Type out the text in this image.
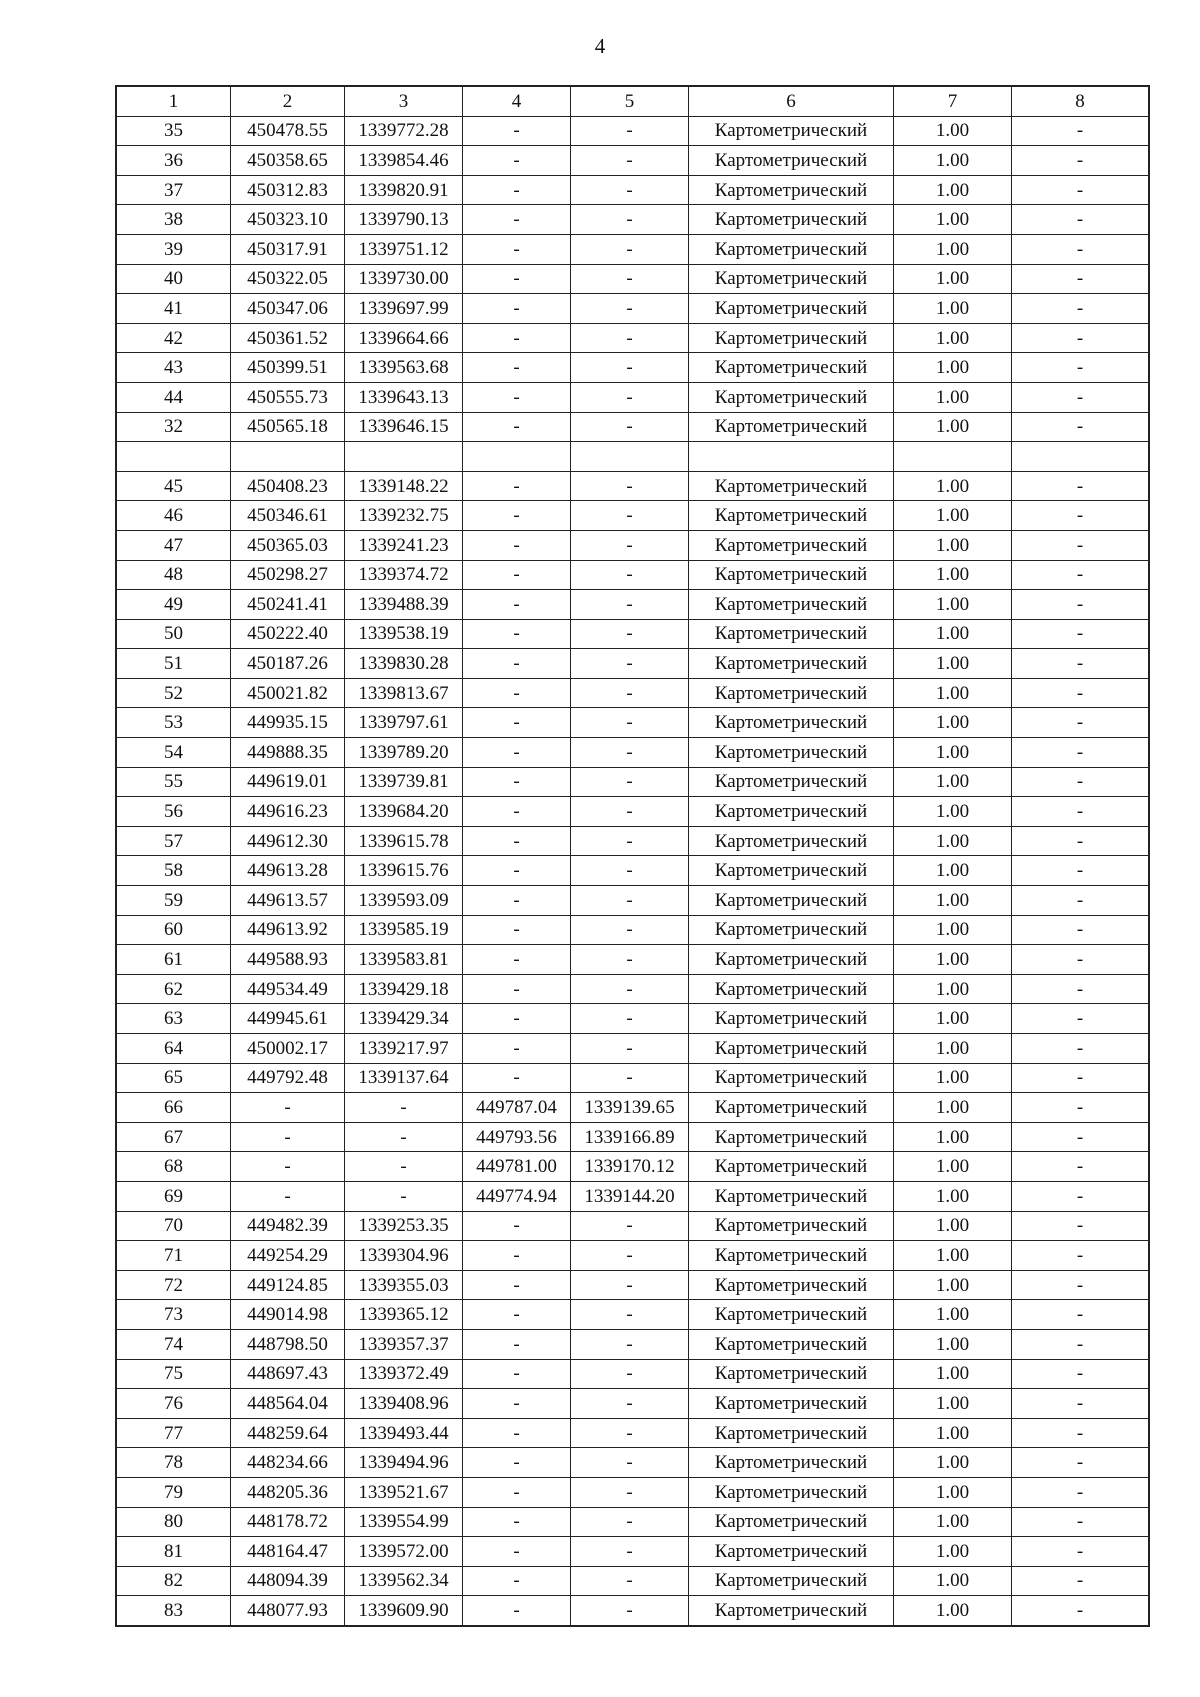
4
1	2	3	4	5	6	7	8
35	450478.55	1339772.28	-	-	Картометрический	1.00	-
36	450358.65	1339854.46	-	-	Картометрический	1.00	-
37	450312.83	1339820.91	-	-	Картометрический	1.00	-
38	450323.10	1339790.13	-	-	Картометрический	1.00	-
39	450317.91	1339751.12	-	-	Картометрический	1.00	-
40	450322.05	1339730.00	-	-	Картометрический	1.00	-
41	450347.06	1339697.99	-	-	Картометрический	1.00	-
42	450361.52	1339664.66	-	-	Картометрический	1.00	-
43	450399.51	1339563.68	-	-	Картометрический	1.00	-
44	450555.73	1339643.13	-	-	Картометрический	1.00	-
32	450565.18	1339646.15	-	-	Картометрический	1.00	-

45	450408.23	1339148.22	-	-	Картометрический	1.00	-
46	450346.61	1339232.75	-	-	Картометрический	1.00	-
47	450365.03	1339241.23	-	-	Картометрический	1.00	-
48	450298.27	1339374.72	-	-	Картометрический	1.00	-
49	450241.41	1339488.39	-	-	Картометрический	1.00	-
50	450222.40	1339538.19	-	-	Картометрический	1.00	-
51	450187.26	1339830.28	-	-	Картометрический	1.00	-
52	450021.82	1339813.67	-	-	Картометрический	1.00	-
53	449935.15	1339797.61	-	-	Картометрический	1.00	-
54	449888.35	1339789.20	-	-	Картометрический	1.00	-
55	449619.01	1339739.81	-	-	Картометрический	1.00	-
56	449616.23	1339684.20	-	-	Картометрический	1.00	-
57	449612.30	1339615.78	-	-	Картометрический	1.00	-
58	449613.28	1339615.76	-	-	Картометрический	1.00	-
59	449613.57	1339593.09	-	-	Картометрический	1.00	-
60	449613.92	1339585.19	-	-	Картометрический	1.00	-
61	449588.93	1339583.81	-	-	Картометрический	1.00	-
62	449534.49	1339429.18	-	-	Картометрический	1.00	-
63	449945.61	1339429.34	-	-	Картометрический	1.00	-
64	450002.17	1339217.97	-	-	Картометрический	1.00	-
65	449792.48	1339137.64	-	-	Картометрический	1.00	-
66	-	-	449787.04	1339139.65	Картометрический	1.00	-
67	-	-	449793.56	1339166.89	Картометрический	1.00	-
68	-	-	449781.00	1339170.12	Картометрический	1.00	-
69	-	-	449774.94	1339144.20	Картометрический	1.00	-
70	449482.39	1339253.35	-	-	Картометрический	1.00	-
71	449254.29	1339304.96	-	-	Картометрический	1.00	-
72	449124.85	1339355.03	-	-	Картометрический	1.00	-
73	449014.98	1339365.12	-	-	Картометрический	1.00	-
74	448798.50	1339357.37	-	-	Картометрический	1.00	-
75	448697.43	1339372.49	-	-	Картометрический	1.00	-
76	448564.04	1339408.96	-	-	Картометрический	1.00	-
77	448259.64	1339493.44	-	-	Картометрический	1.00	-
78	448234.66	1339494.96	-	-	Картометрический	1.00	-
79	448205.36	1339521.67	-	-	Картометрический	1.00	-
80	448178.72	1339554.99	-	-	Картометрический	1.00	-
81	448164.47	1339572.00	-	-	Картометрический	1.00	-
82	448094.39	1339562.34	-	-	Картометрический	1.00	-
83	448077.93	1339609.90	-	-	Картометрический	1.00	-
